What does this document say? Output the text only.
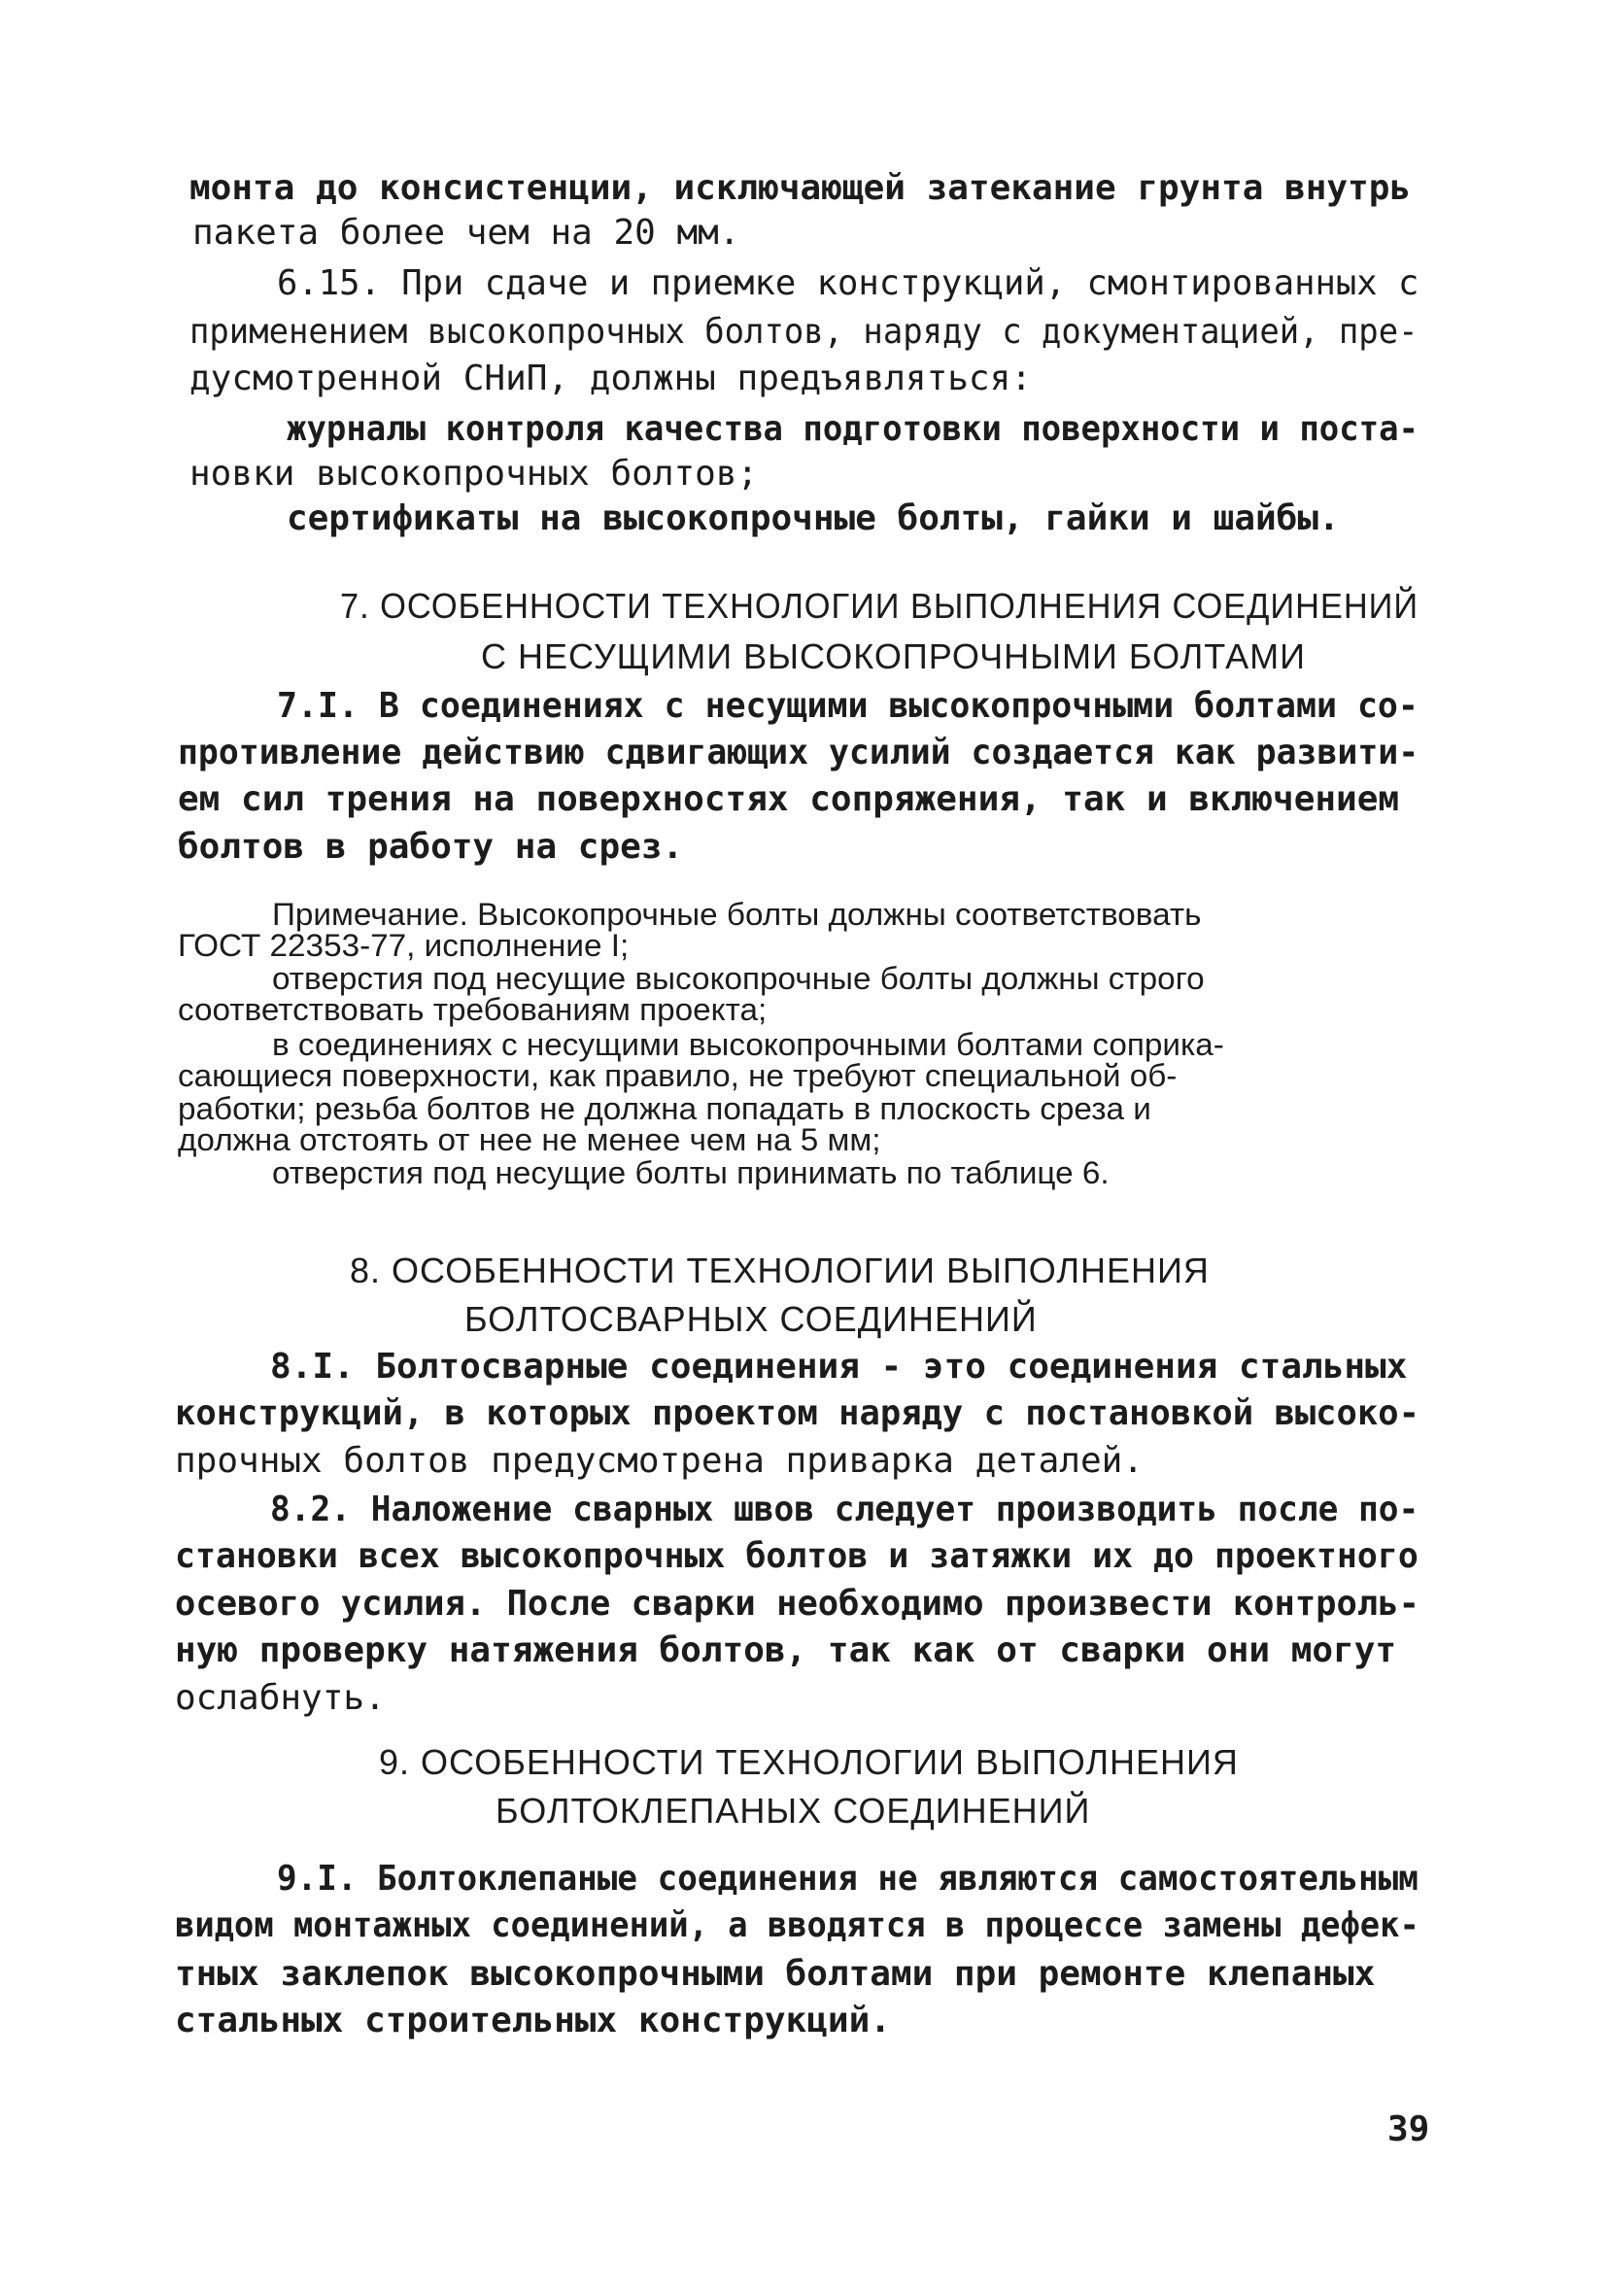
монта до консистенции, исключающей затекание грунта внутрь
пакета более чем на 20 мм.
6.15. При сдаче и приемке конструкций, смонтированных с
применением высокопрочных болтов, наряду с документацией, пре-
дусмотренной СНиП, должны предъявляться:
журналы контроля качества подготовки поверхности и поста-
новки высокопрочных болтов;
сертификаты на высокопрочные болты, гайки и шайбы.
7. ОСОБЕННОСТИ ТЕХНОЛОГИИ ВЫПОЛНЕНИЯ СОЕДИНЕНИЙ
С НЕСУЩИМИ ВЫСОКОПРОЧНЫМИ БОЛТАМИ
7.I. В соединениях с несущими высокопрочными болтами со-
противление действию сдвигающих усилий создается как развити-
ем сил трения на поверхностях сопряжения, так и включением
болтов в работу на срез.
Примечание. Высокопрочные болты должны соответствовать
ГОСТ 22353-77, исполнение I;
отверстия под несущие высокопрочные болты должны строго
соответствовать требованиям проекта;
в соединениях с несущими высокопрочными болтами соприка-
сающиеся поверхности, как правило, не требуют специальной об-
работки; резьба болтов не должна попадать в плоскость среза и
должна отстоять от нее не менее чем на 5 мм;
отверстия под несущие болты принимать по таблице 6.
8. ОСОБЕННОСТИ ТЕХНОЛОГИИ ВЫПОЛНЕНИЯ
БОЛТОСВАРНЫХ СОЕДИНЕНИЙ
8.I. Болтосварные соединения - это соединения стальных
конструкций, в которых проектом наряду с постановкой высоко-
прочных болтов предусмотрена приварка деталей.
8.2. Наложение сварных швов следует производить после по-
становки всех высокопрочных болтов и затяжки их до проектного
осевого усилия. После сварки необходимо произвести контроль-
ную проверку натяжения болтов, так как от сварки они могут
ослабнуть.
9. ОСОБЕННОСТИ ТЕХНОЛОГИИ ВЫПОЛНЕНИЯ
БОЛТОКЛЕПАНЫХ СОЕДИНЕНИЙ
9.I. Болтоклепаные соединения не являются самостоятельным
видом монтажных соединений, а вводятся в процессе замены дефек-
тных заклепок высокопрочными болтами при ремонте клепаных
стальных строительных конструкций.
39
